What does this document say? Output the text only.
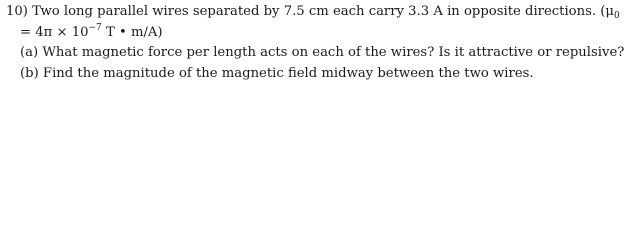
10) Two long parallel wires separated by 7.5 cm each carry 3.3 A in opposite directions. ($\mu_0$
= $4\pi \times 10^{-7}$ T • m/A)
(a) What magnetic force per length acts on each of the wires? Is it attractive or repulsive?
(b) Find the magnitude of the magnetic field midway between the two wires.
